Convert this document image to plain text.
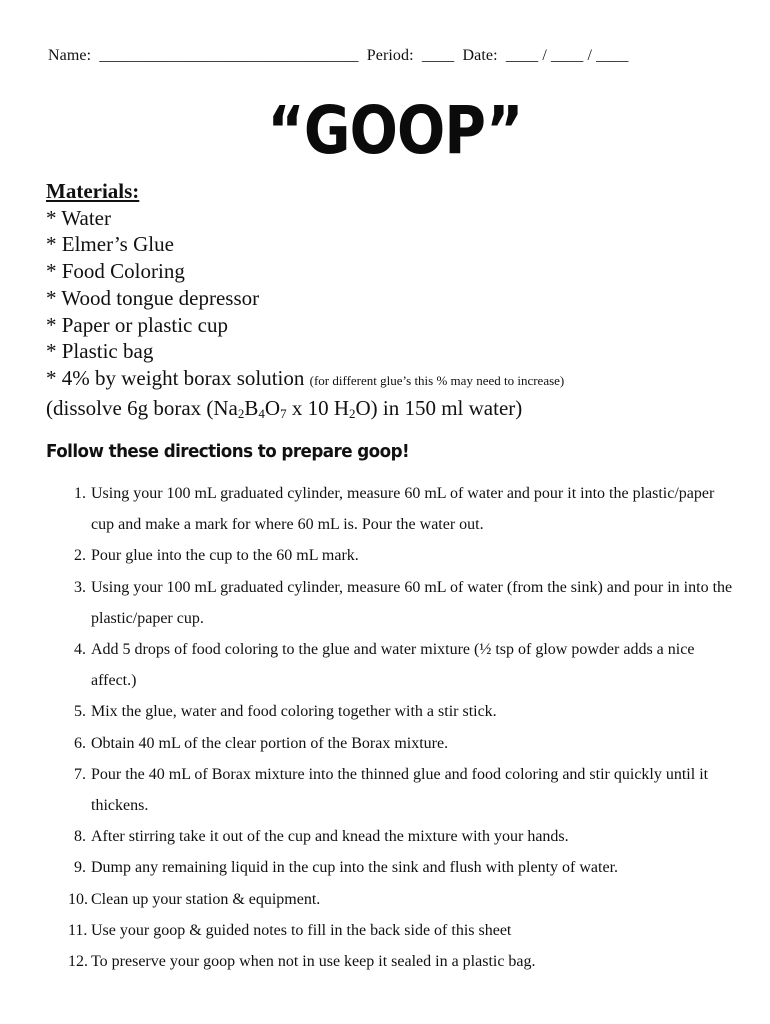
Name:  ________________________________  Period:  ____  Date:  ____ / ____ / ____
“GOOP”
Materials:
* Water
* Elmer’s Glue
* Food Coloring
* Wood tongue depressor
* Paper or plastic cup
* Plastic bag
* 4% by weight borax solution (for different glue’s this % may need to increase)
(dissolve 6g borax ($Na_2B_4O_7$ x 10 $H_2O$) in 150 ml water)
Follow these directions to prepare goop!
1. Using your 100 mL graduated cylinder, measure 60 mL of water and pour it into the plastic/paper cup and make a mark for where 60 mL is. Pour the water out.
2. Pour glue into the cup to the 60 mL mark.
3. Using your 100 mL graduated cylinder, measure 60 mL of water (from the sink) and pour in into the plastic/paper cup.
4. Add 5 drops of food coloring to the glue and water mixture (½ tsp of glow powder adds a nice affect.)
5. Mix the glue, water and food coloring together with a stir stick.
6. Obtain 40 mL of the clear portion of the Borax mixture.
7. Pour the 40 mL of Borax mixture into the thinned glue and food coloring and stir quickly until it thickens.
8. After stirring take it out of the cup and knead the mixture with your hands.
9. Dump any remaining liquid in the cup into the sink and flush with plenty of water.
10. Clean up your station & equipment.
11. Use your goop & guided notes to fill in the back side of this sheet
12. To preserve your goop when not in use keep it sealed in a plastic bag.
